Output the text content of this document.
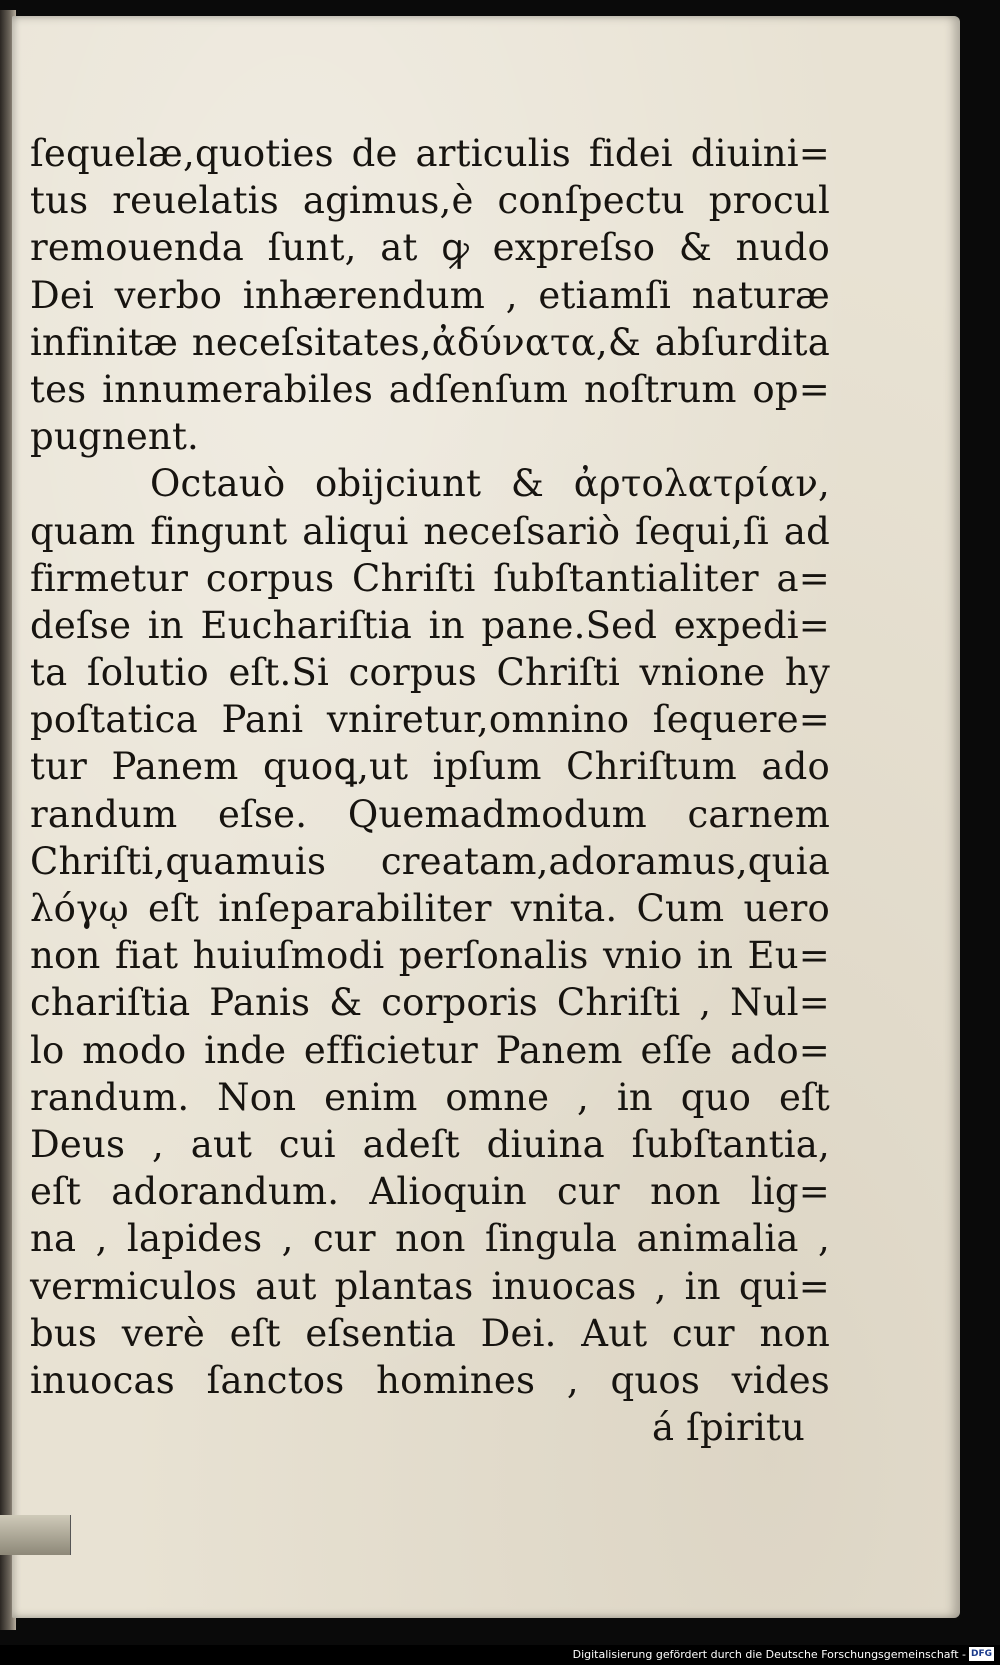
ſequelæ,quoties de articulis fidei diuini=
tus reuelatis agimus,è conſpectu procul
remouenda ſunt, at ꝙ expreſso & nudo
Dei verbo inhærendum , etiamſi naturæ
infinitæ neceſsitates,ἀδύνατα,& abſurdita
tes innumerabiles adſenſum noſtrum op=
pugnent.
Octauò obijciunt & ἀρτολατρίαν,
quam fingunt aliqui neceſsariò ſequi,ſi ad
firmetur corpus Chriſti ſubſtantialiter a=
deſse in Euchariſtia in pane.Sed expedi=
ta ſolutio eſt.Si corpus Chriſti vnione hy
poſtatica Pani vniretur,omnino ſequere=
tur Panem quoꝗ,ut ipſum Chriſtum ado
randum eſse. Quemadmodum carnem
Chriſti,quamuis creatam,adoramus,quia
λόγῳ eſt inſeparabiliter vnita. Cum uero
non fiat huiuſmodi perſonalis vnio in Eu=
chariſtia Panis & corporis Chriſti , Nul=
lo modo inde efficietur Panem eſſe ado=
randum. Non enim omne , in quo eſt
Deus , aut cui adeſt diuina ſubſtantia,
eſt adorandum. Alioquin cur non lig=
na , lapides , cur non ſingula animalia ,
vermiculos aut plantas inuocas , in qui=
bus verè eſt eſsentia Dei. Aut cur non
inuocas ſanctos homines , quos vides
á ſpiritu
Digitalisierung gefördert durch die Deutsche Forschungsgemeinschaft - DFG
